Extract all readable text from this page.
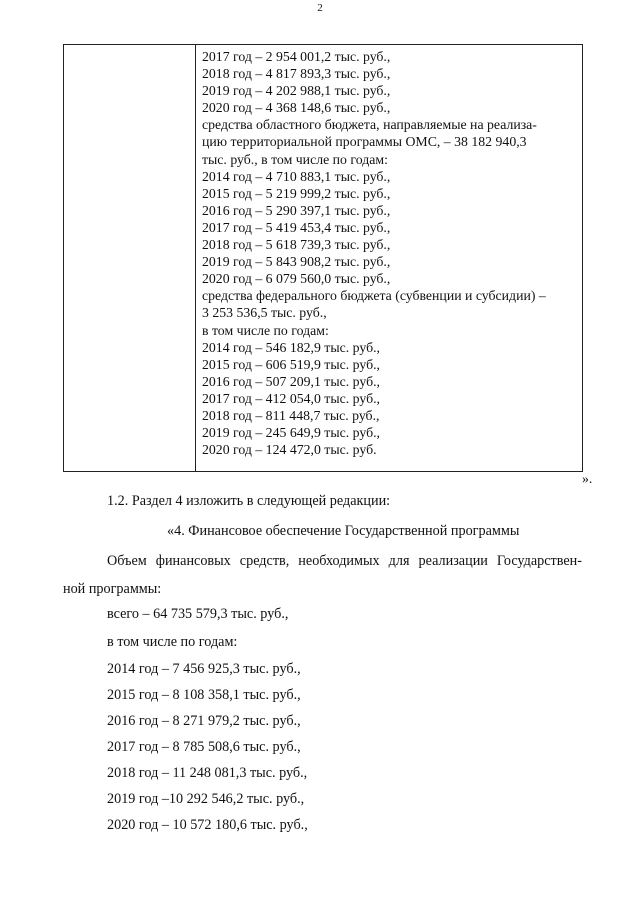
2
2017 год – 2 954 001,2 тыс. руб.,
2018 год – 4 817 893,3 тыс. руб.,
2019 год – 4 202 988,1 тыс. руб.,
2020 год – 4 368 148,6 тыс. руб.,
средства областного бюджета, направляемые на реализа-
цию территориальной программы ОМС, – 38 182 940,3
тыс. руб., в том числе по годам:
2014 год – 4 710 883,1 тыс. руб.,
2015 год – 5 219 999,2 тыс. руб.,
2016 год – 5 290 397,1 тыс. руб.,
2017 год – 5 419 453,4 тыс. руб.,
2018 год – 5 618 739,3 тыс. руб.,
2019 год – 5 843 908,2 тыс. руб.,
2020 год – 6 079 560,0 тыс. руб.,
средства федерального бюджета (субвенции и субсидии) –
3 253 536,5 тыс. руб.,
в том числе по годам:
2014 год – 546 182,9 тыс. руб.,
2015 год – 606 519,9 тыс. руб.,
2016 год – 507 209,1 тыс. руб.,
2017 год – 412 054,0 тыс. руб.,
2018 год – 811 448,7 тыс. руб.,
2019 год – 245 649,9 тыс. руб.,
2020 год – 124 472,0 тыс. руб.
».
1.2. Раздел 4 изложить в следующей редакции:
«4. Финансовое обеспечение Государственной программы
Объем финансовых средств, необходимых для реализации Государствен-
ной программы:
всего – 64 735 579,3 тыс. руб.,
в том числе по годам:
2014 год – 7 456 925,3 тыс. руб.,
2015 год – 8 108 358,1 тыс. руб.,
2016 год – 8 271 979,2 тыс. руб.,
2017 год – 8 785 508,6 тыс. руб.,
2018 год – 11 248 081,3 тыс. руб.,
2019 год –10 292 546,2 тыс. руб.,
2020 год – 10 572 180,6 тыс. руб.,
